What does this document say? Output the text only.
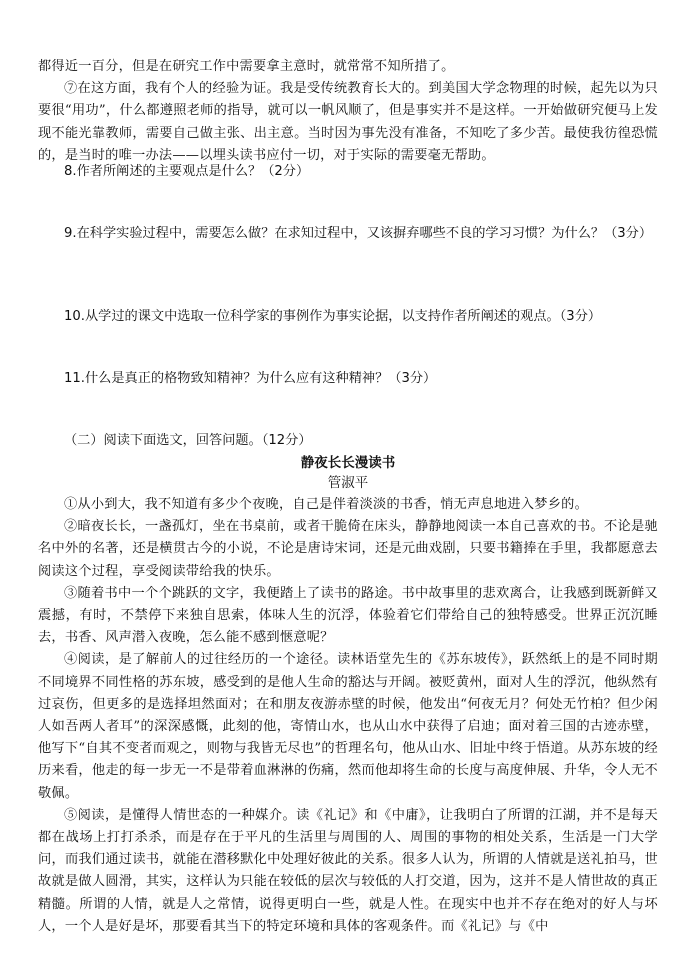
都得近一百分，但是在研究工作中需要拿主意时，就常常不知所措了。

⑦在这方面，我有个人的经验为证。我是受传统教育长大的。到美国大学念物理的时候，起先以为只要很“用功”，什么都遵照老师的指导，就可以一帆风顺了，但是事实并不是这样。一开始做研究便马上发现不能光靠教师，需要自己做主张、出主意。当时因为事先没有准备，不知吃了多少苦。最使我彷徨恐慌的，是当时的唯一办法——以埋头读书应付一切，对于实际的需要毫无帮助。

8.作者所阐述的主要观点是什么？（2分）

9.在科学实验过程中，需要怎么做？在求知过程中，又该摒弃哪些不良的学习习惯？为什么？（3分）

10.从学过的课文中选取一位科学家的事例作为事实论据，以支持作者所阐述的观点。（3分）

11.什么是真正的格物致知精神？为什么应有这种精神？（3分）

（二）阅读下面选文，回答问题。（12分）

静夜长长漫读书
管淑平

①从小到大，我不知道有多少个夜晚，自己是伴着淡淡的书香，悄无声息地进入梦乡的。

②暗夜长长，一盏孤灯，坐在书桌前，或者干脆倚在床头，静静地阅读一本自己喜欢的书。不论是驰名中外的名著，还是横贯古今的小说，不论是唐诗宋词，还是元曲戏剧，只要书籍捧在手里，我都愿意去阅读这个过程，享受阅读带给我的快乐。

③随着书中一个个跳跃的文字，我便踏上了读书的路途。书中故事里的悲欢离合，让我感到既新鲜又震撼，有时，不禁停下来独自思索，体味人生的沉浮，体验着它们带给自己的独特感受。世界正沉沉睡去，书香、风声潜入夜晚，怎么能不感到惬意呢？

④阅读，是了解前人的过往经历的一个途径。读林语堂先生的《苏东坡传》，跃然纸上的是不同时期不同境界不同性格的苏东坡，感受到的是他人生命的豁达与开阔。被贬黄州，面对人生的浮沉，他纵然有过哀伤，但更多的是选择坦然面对；在和朋友夜游赤壁的时候，他发出“何夜无月？何处无竹柏？但少闲人如吾两人者耳”的深深感慨，此刻的他，寄情山水，也从山水中获得了启迪；面对着三国的古迹赤壁，他写下“自其不变者而观之，则物与我皆无尽也”的哲理名句，他从山水、旧址中终于悟道。从苏东坡的经历来看，他走的每一步无一不是带着血淋淋的伤痛，然而他却将生命的长度与高度伸展、升华，令人无不敬佩。

⑤阅读，是懂得人情世态的一种媒介。读《礼记》和《中庸》，让我明白了所谓的江湖，并不是每天都在战场上打打杀杀，而是存在于平凡的生活里与周围的人、周围的事物的相处关系，生活是一门大学问，而我们通过读书，就能在潜移默化中处理好彼此的关系。很多人认为，所谓的人情就是送礼拍马，世故就是做人圆滑，其实，这样认为只能在较低的层次与较低的人打交道，因为，这并不是人情世故的真正精髓。所谓的人情，就是人之常情，说得更明白一些，就是人性。在现实中也并不存在绝对的好人与坏人，一个人是好是坏，那要看其当下的特定环境和具体的客观条件。而《礼记》与《中
